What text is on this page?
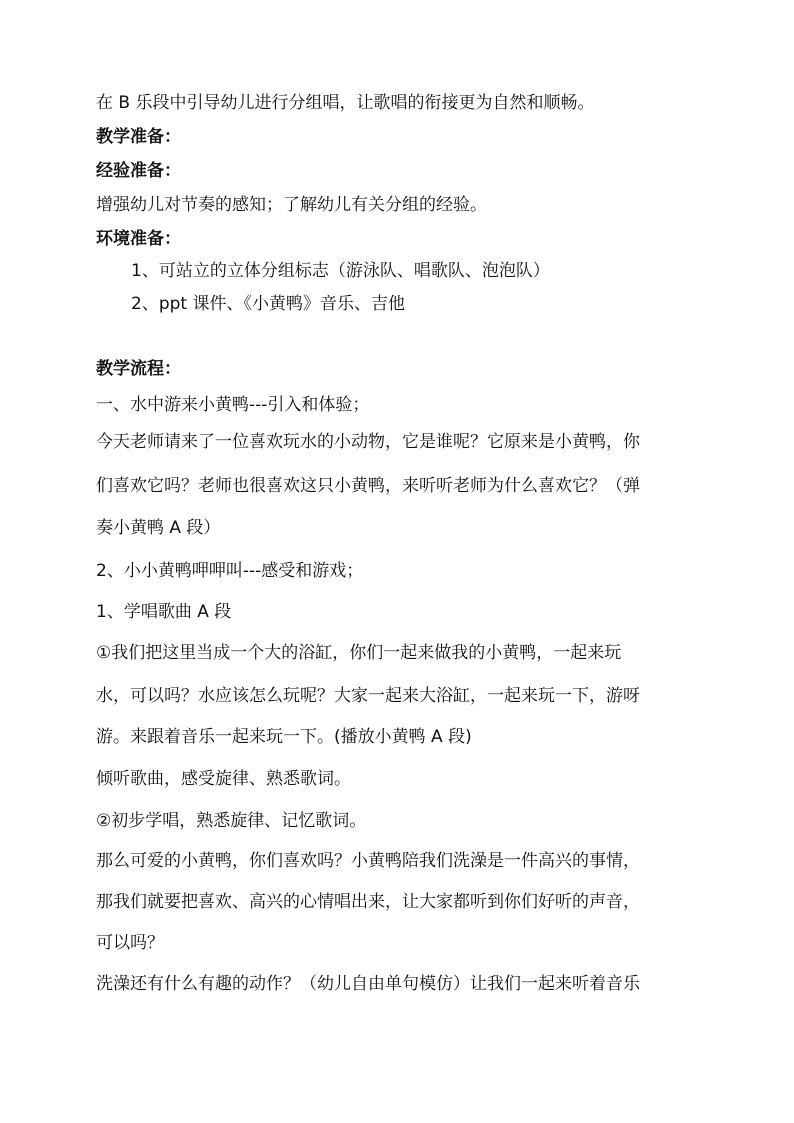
在 B 乐段中引导幼儿进行分组唱，让歌唱的衔接更为自然和顺畅。
教学准备：
经验准备：
增强幼儿对节奏的感知；了解幼儿有关分组的经验。
环境准备：
1、可站立的立体分组标志（游泳队、唱歌队、泡泡队）
2、ppt 课件、《小黄鸭》音乐、吉他
教学流程：
一、水中游来小黄鸭---引入和体验；
今天老师请来了一位喜欢玩水的小动物，它是谁呢？它原来是小黄鸭，你
们喜欢它吗？老师也很喜欢这只小黄鸭，来听听老师为什么喜欢它？（弹
奏小黄鸭 A 段）
2、小小黄鸭呷呷叫---感受和游戏；
1、学唱歌曲 A 段
①我们把这里当成一个大的浴缸，你们一起来做我的小黄鸭，一起来玩
水，可以吗？水应该怎么玩呢？大家一起来大浴缸，一起来玩一下，游呀
游。来跟着音乐一起来玩一下。(播放小黄鸭 A 段)
倾听歌曲，感受旋律、熟悉歌词。
②初步学唱，熟悉旋律、记忆歌词。
那么可爱的小黄鸭，你们喜欢吗？小黄鸭陪我们洗澡是一件高兴的事情，
那我们就要把喜欢、高兴的心情唱出来，让大家都听到你们好听的声音，
可以吗？
洗澡还有什么有趣的动作？（幼儿自由单句模仿）让我们一起来听着音乐
